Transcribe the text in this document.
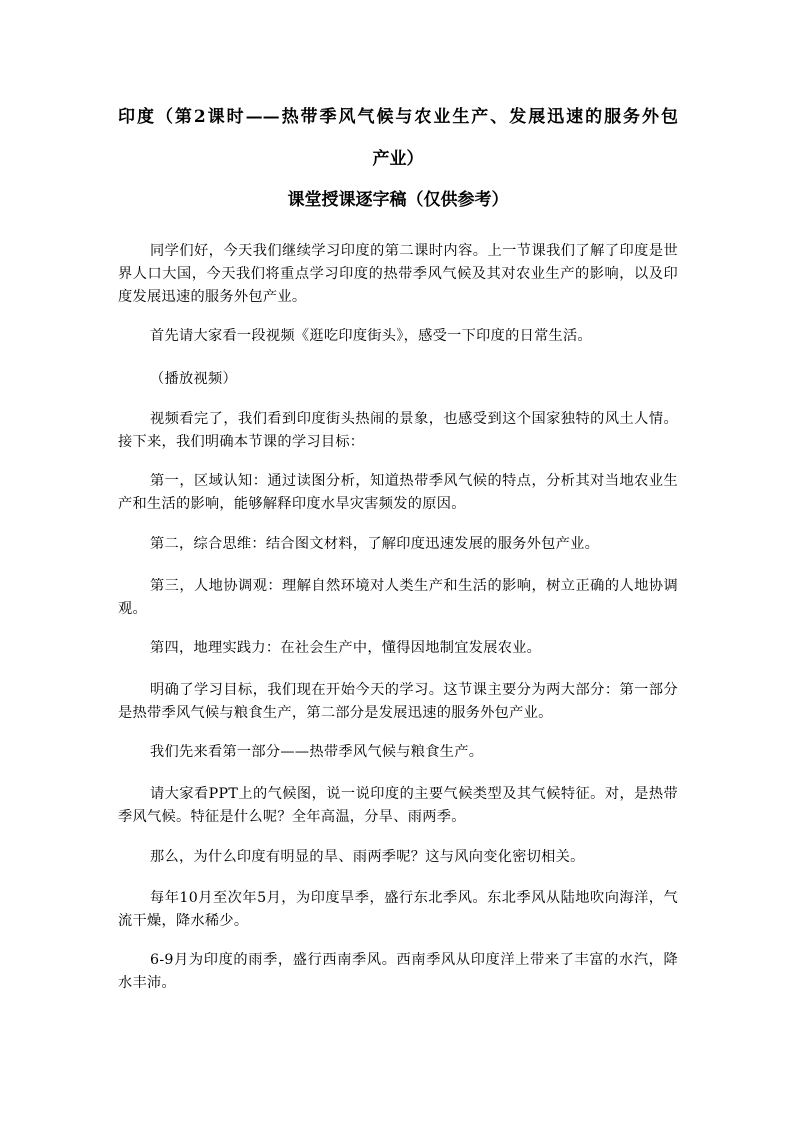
印度（第2课时——热带季风气候与农业生产、发展迅速的服务外包
产业）
课堂授课逐字稿（仅供参考）

同学们好，今天我们继续学习印度的第二课时内容。上一节课我们了解了印度是世界人口大国，今天我们将重点学习印度的热带季风气候及其对农业生产的影响，以及印度发展迅速的服务外包产业。

首先请大家看一段视频《逛吃印度街头》，感受一下印度的日常生活。

（播放视频）

视频看完了，我们看到印度街头热闹的景象，也感受到这个国家独特的风土人情。接下来，我们明确本节课的学习目标：

第一，区域认知：通过读图分析，知道热带季风气候的特点，分析其对当地农业生产和生活的影响，能够解释印度水旱灾害频发的原因。

第二，综合思维：结合图文材料，了解印度迅速发展的服务外包产业。

第三，人地协调观：理解自然环境对人类生产和生活的影响，树立正确的人地协调观。

第四，地理实践力：在社会生产中，懂得因地制宜发展农业。

明确了学习目标，我们现在开始今天的学习。这节课主要分为两大部分：第一部分是热带季风气候与粮食生产，第二部分是发展迅速的服务外包产业。

我们先来看第一部分——热带季风气候与粮食生产。

请大家看PPT上的气候图，说一说印度的主要气候类型及其气候特征。对，是热带季风气候。特征是什么呢？全年高温，分旱、雨两季。

那么，为什么印度有明显的旱、雨两季呢？这与风向变化密切相关。

每年10月至次年5月，为印度旱季，盛行东北季风。东北季风从陆地吹向海洋，气流干燥，降水稀少。

6-9月为印度的雨季，盛行西南季风。西南季风从印度洋上带来了丰富的水汽，降水丰沛。
